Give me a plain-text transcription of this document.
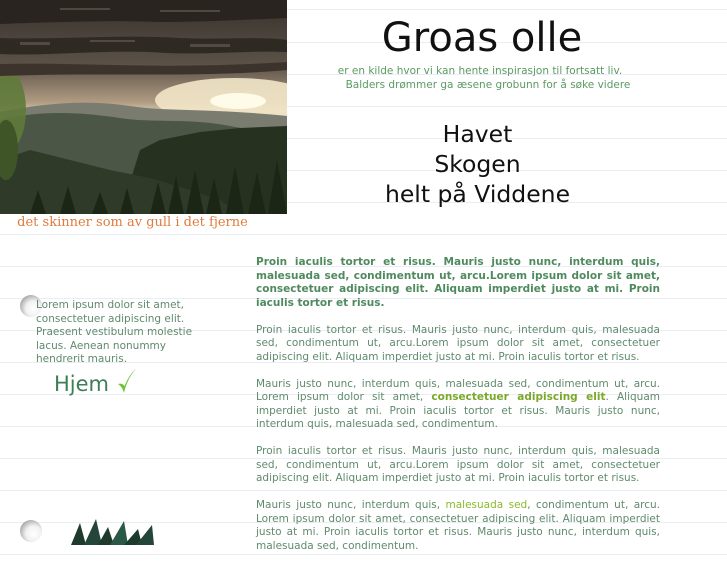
det skinner som av gull i det fjerne
Groas olle
er en kilde hvor vi kan hente inspirasjon til fortsatt liv.
Balders drømmer ga æsene grobunn for å søke videre
Havet
Skogen
helt på Viddene
Lorem ipsum dolor sit amet, consectetuer adipiscing elit. Praesent vestibulum molestie lacus. Aenean nonummy hendrerit mauris.
Hjem

Proin iaculis tortor et risus. Mauris justo nunc, interdum quis, malesuada sed, condimentum ut, arcu.Lorem ipsum dolor sit amet, consectetuer adipiscing elit. Aliquam imperdiet justo at mi. Proin iaculis tortor et risus.

Proin iaculis tortor et risus. Mauris justo nunc, interdum quis, malesuada sed, condimentum ut, arcu.Lorem ipsum dolor sit amet, consectetuer adipiscing elit. Aliquam imperdiet justo at mi. Proin iaculis tortor et risus.

Mauris justo nunc, interdum quis, malesuada sed, condimentum ut, arcu. Lorem ipsum dolor sit amet, consectetuer adipiscing elit. Aliquam imperdiet justo at mi. Proin iaculis tortor et risus. Mauris justo nunc, interdum quis, malesuada sed, condimentum.

Proin iaculis tortor et risus. Mauris justo nunc, interdum quis, malesuada sed, condimentum ut, arcu.Lorem ipsum dolor sit amet, consectetuer adipiscing elit. Aliquam imperdiet justo at mi. Proin iaculis tortor et risus.

Mauris justo nunc, interdum quis, malesuada sed, condimentum ut, arcu. Lorem ipsum dolor sit amet, consectetuer adipiscing elit. Aliquam imperdiet justo at mi. Proin iaculis tortor et risus. Mauris justo nunc, interdum quis, malesuada sed, condimentum.
